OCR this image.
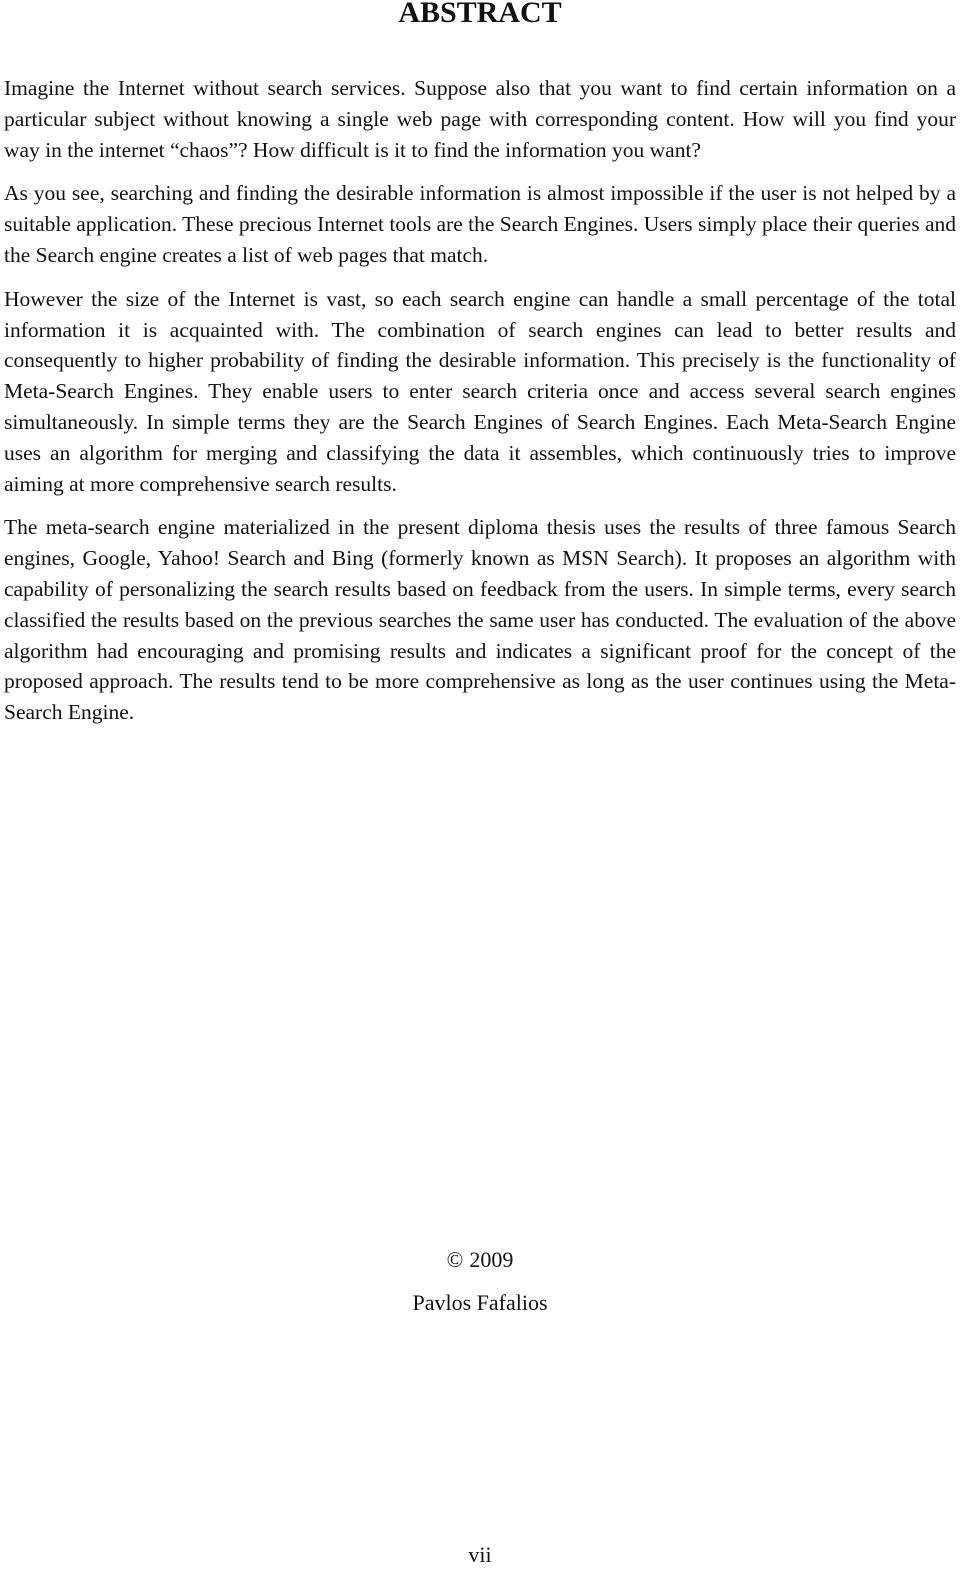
ABSTRACT

Imagine the Internet without search services. Suppose also that you want to find certain information on a particular subject without knowing a single web page with corresponding content. How will you find your way in the internet “chaos”? How difficult is it to find the information you want?

As you see, searching and finding the desirable information is almost impossible if the user is not helped by a suitable application. These precious Internet tools are the Search Engines. Users simply place their queries and the Search engine creates a list of web pages that match.

However the size of the Internet is vast, so each search engine can handle a small percentage of the total information it is acquainted with. The combination of search engines can lead to better results and consequently to higher probability of finding the desirable information. This precisely is the functionality of Meta-Search Engines. They enable users to enter search criteria once and access several search engines simultaneously. In simple terms they are the Search Engines of Search Engines. Each Meta-Search Engine uses an algorithm for merging and classifying the data it assembles, which continuously tries to improve aiming at more comprehensive search results.

The meta-search engine materialized in the present diploma thesis uses the results of three famous Search engines, Google, Yahoo! Search and Bing (formerly known as MSN Search). It proposes an algorithm with capability of personalizing the search results based on feedback from the users. In simple terms, every search classified the results based on the previous searches the same user has conducted. The evaluation of the above algorithm had encouraging and promising results and indicates a significant proof for the concept of the proposed approach. The results tend to be more comprehensive as long as the user continues using the Meta-Search Engine.

© 2009

Pavlos Fafalios

vii
